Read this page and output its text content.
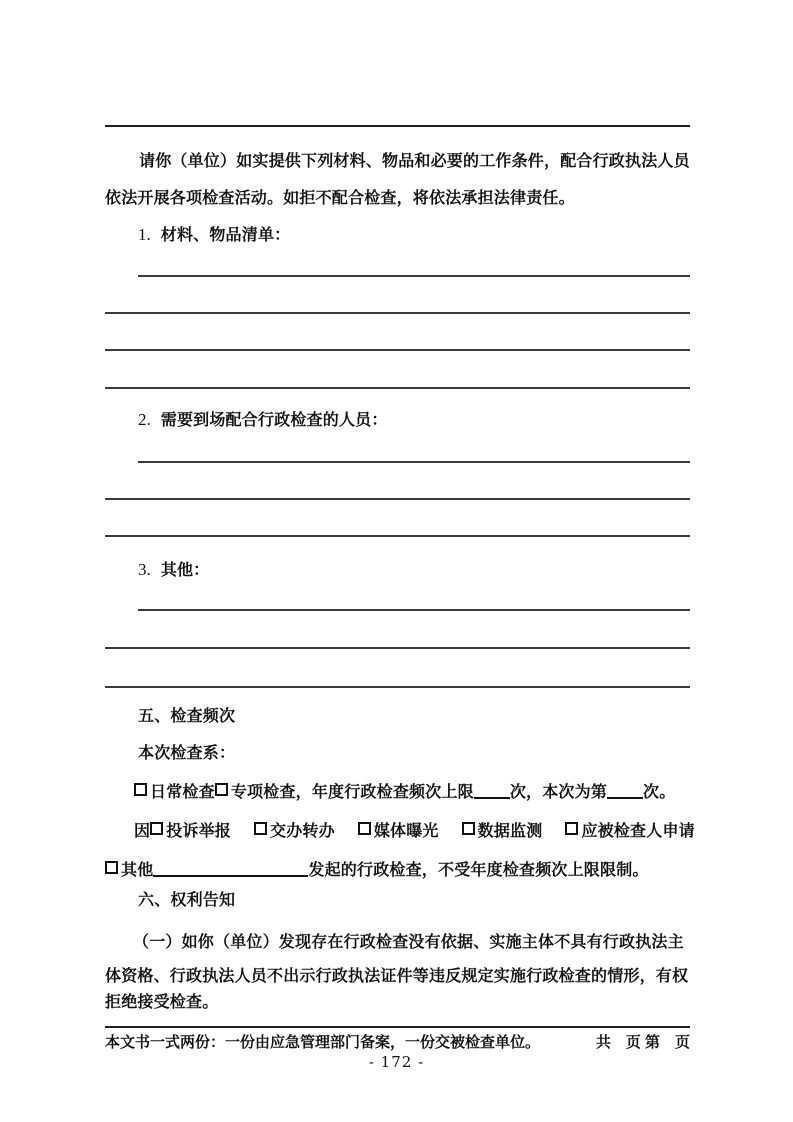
请你（单位）如实提供下列材料、物品和必要的工作条件，配合行政执法人员
依法开展各项检查活动。如拒不配合检查，将依法承担法律责任。
1. 材料、物品清单：
2. 需要到场配合行政检查的人员：
3. 其他：
五、检查频次
本次检查系：
日常检查 专项检查，年度行政检查频次上限 次，本次为第 次。
因 投诉举报 交办转办 媒体曝光 数据监测 应被检查人申请
其他	发起的行政检查，不受年度检查频次上限限制。
六、权利告知
（一）如你（单位）发现存在行政检查没有依据、实施主体不具有行政执法主
体资格、行政执法人员不出示行政执法证件等违反规定实施行政检查的情形，有权
拒绝接受检查。
本文书一式两份：一份由应急管理部门备案，一份交被检查单位。	共　页 第　页
- 172 -
